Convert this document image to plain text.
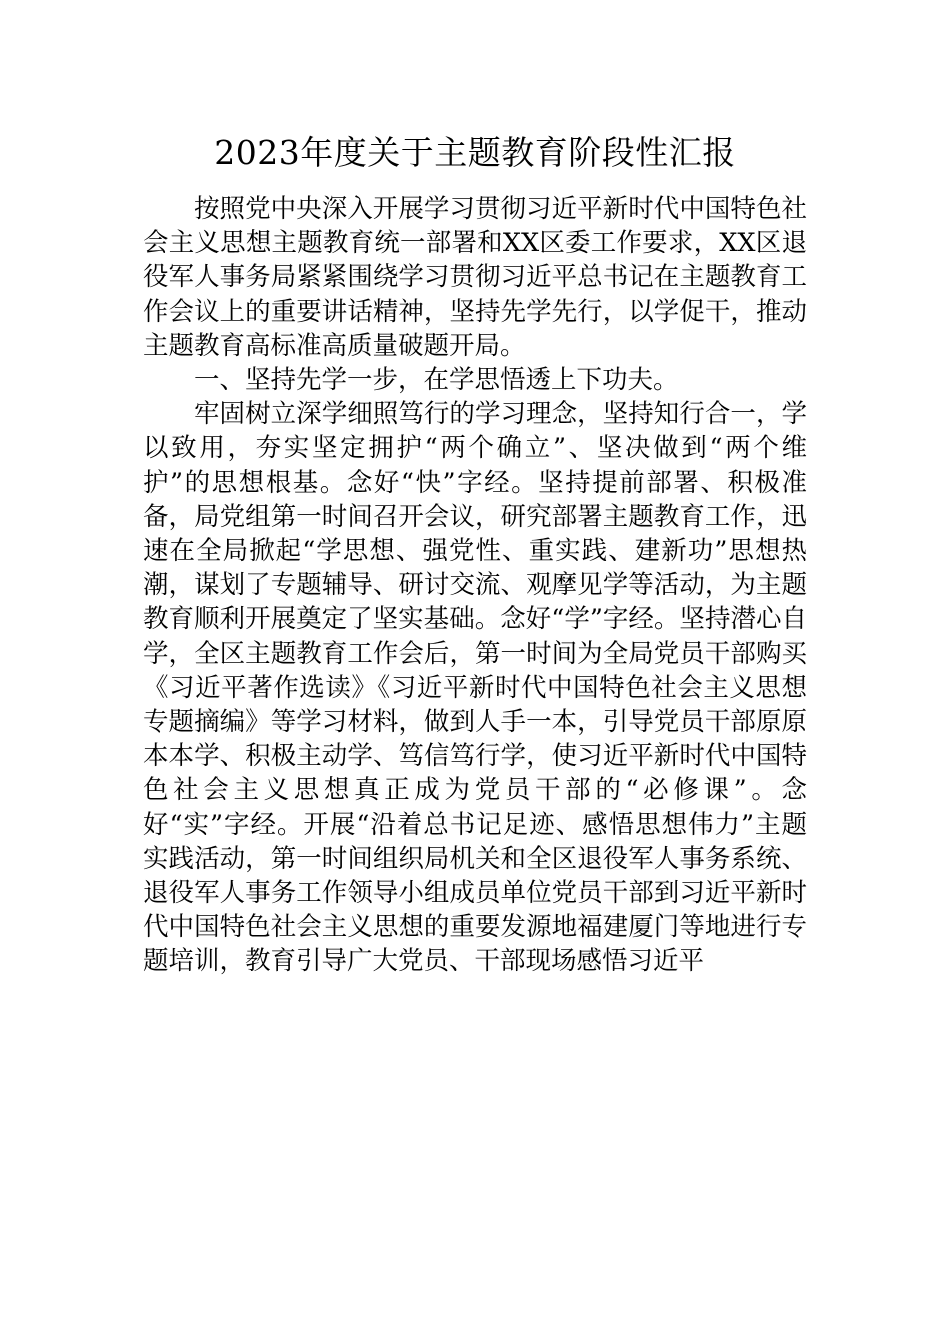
2023年度关于主题教育阶段性汇报

按照党中央深入开展学习贯彻习近平新时代中国特色社会主义思想主题教育统一部署和XX区委工作要求，XX区退役军人事务局紧紧围绕学习贯彻习近平总书记在主题教育工作会议上的重要讲话精神，坚持先学先行，以学促干，推动主题教育高标准高质量破题开局。

一、坚持先学一步，在学思悟透上下功夫。

牢固树立深学细照笃行的学习理念，坚持知行合一，学以致用，夯实坚定拥护“两个确立”、坚决做到“两个维护”的思想根基。念好“快”字经。坚持提前部署、积极准备，局党组第一时间召开会议，研究部署主题教育工作，迅速在全局掀起“学思想、强党性、重实践、建新功”思想热潮，谋划了专题辅导、研讨交流、观摩见学等活动，为主题教育顺利开展奠定了坚实基础。念好“学”字经。坚持潜心自学，全区主题教育工作会后，第一时间为全局党员干部购买《习近平著作选读》《习近平新时代中国特色社会主义思想专题摘编》等学习材料，做到人手一本，引导党员干部原原本本学、积极主动学、笃信笃行学，使习近平新时代中国特色社会主义思想真正成为党员干部的“必修课”。念好“实”字经。开展“沿着总书记足迹、感悟思想伟力”主题实践活动，第一时间组织局机关和全区退役军人事务系统、退役军人事务工作领导小组成员单位党员干部到习近平新时代中国特色社会主义思想的重要发源地福建厦门等地进行专题培训，教育引导广大党员、干部现场感悟习近平
